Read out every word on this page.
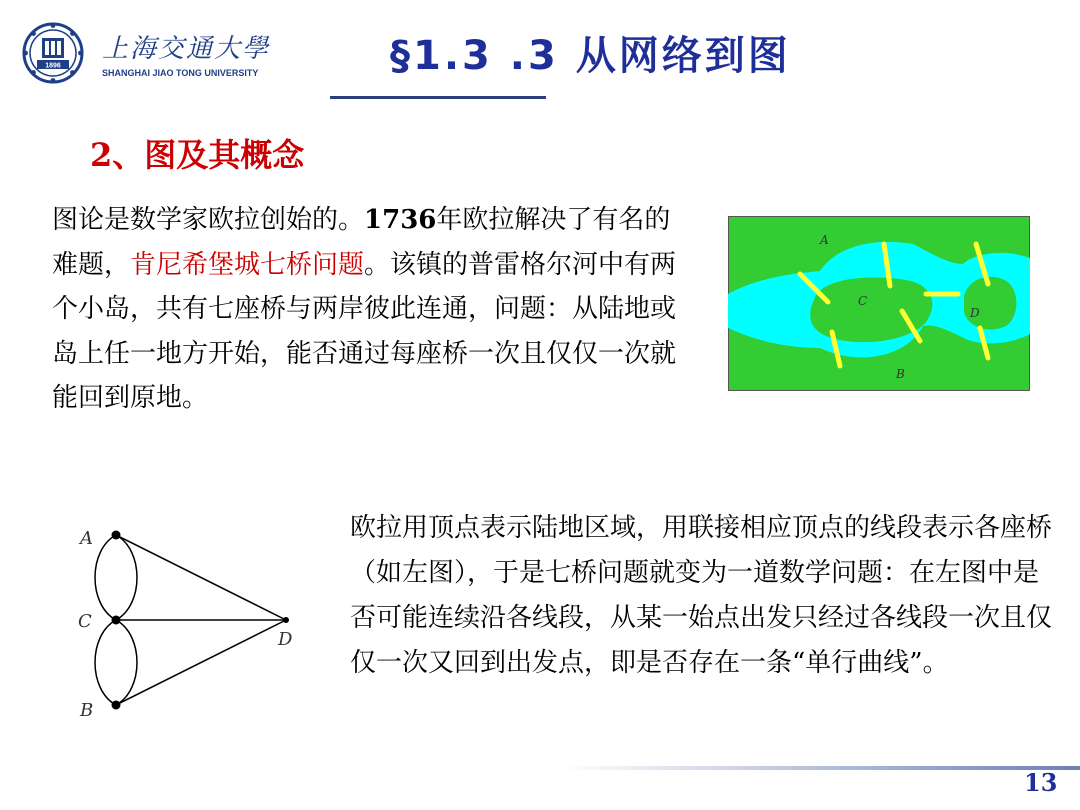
1896
上海交通大學
SHANGHAI JIAO TONG UNIVERSITY	§1.3 .3 从网络到图
2、图及其概念
图论是数学家欧拉创始的。1736年欧拉解决了有名的难题，肯尼希堡城七桥问题。该镇的普雷格尔河中有两个小岛，共有七座桥与两岸彼此连通，问题：从陆地或岛上任一地方开始，能否通过每座桥一次且仅仅一次就能回到原地。
A
C
D
B
A
C
D
B
欧拉用顶点表示陆地区域，用联接相应顶点的线段表示各座桥（如左图），于是七桥问题就变为一道数学问题：在左图中是否可能连续沿各线段，从某一始点出发只经过各线段一次且仅仅一次又回到出发点，即是否存在一条“单行曲线”。
13
